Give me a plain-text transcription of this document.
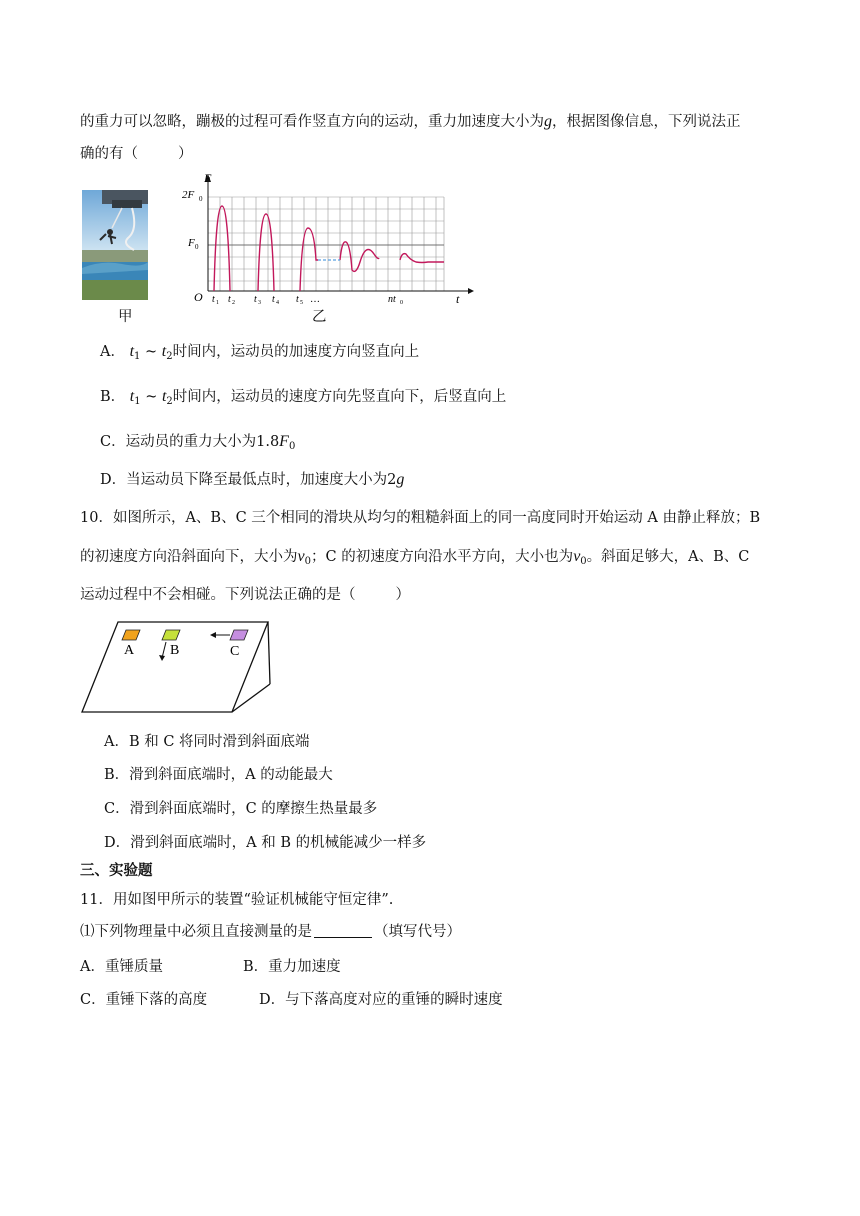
的重力可以忽略，蹦极的过程可看作竖直方向的运动，重力加速度大小为g，根据图像信息，下列说法正
确的有（	）
甲
F
t
O
2F 0
F 0
t 1 t 2 t 3 t 4 t 5 …	nt 0
乙
A． $t_1$ ~ $t_2$时间内，运动员的加速度方向竖直向上
B． $t_1$ ~ $t_2$时间内，运动员的速度方向先竖直向下，后竖直向上
C．运动员的重力大小为$1.8F_0$
D．当运动员下降至最低点时，加速度大小为2g
10．如图所示，A、B、C 三个相同的滑块从均匀的粗糙斜面上的同一高度同时开始运动 A 由静止释放；B
的初速度方向沿斜面向下，大小为$v_0$；C 的初速度方向沿水平方向，大小也为$v_0$。斜面足够大，A、B、C
运动过程中不会相碰。下列说法正确的是（	）
A	B	C
A．B 和 C 将同时滑到斜面底端
B．滑到斜面底端时，A 的动能最大
C．滑到斜面底端时，C 的摩擦生热量最多
D．滑到斜面底端时，A 和 B 的机械能减少一样多
三、实验题
11．用如图甲所示的装置“验证机械能守恒定律”.
⑴下列物理量中必须且直接测量的是	（填写代号）
A．重锤质量	B．重力加速度
C．重锤下落的高度	D．与下落高度对应的重锤的瞬时速度
